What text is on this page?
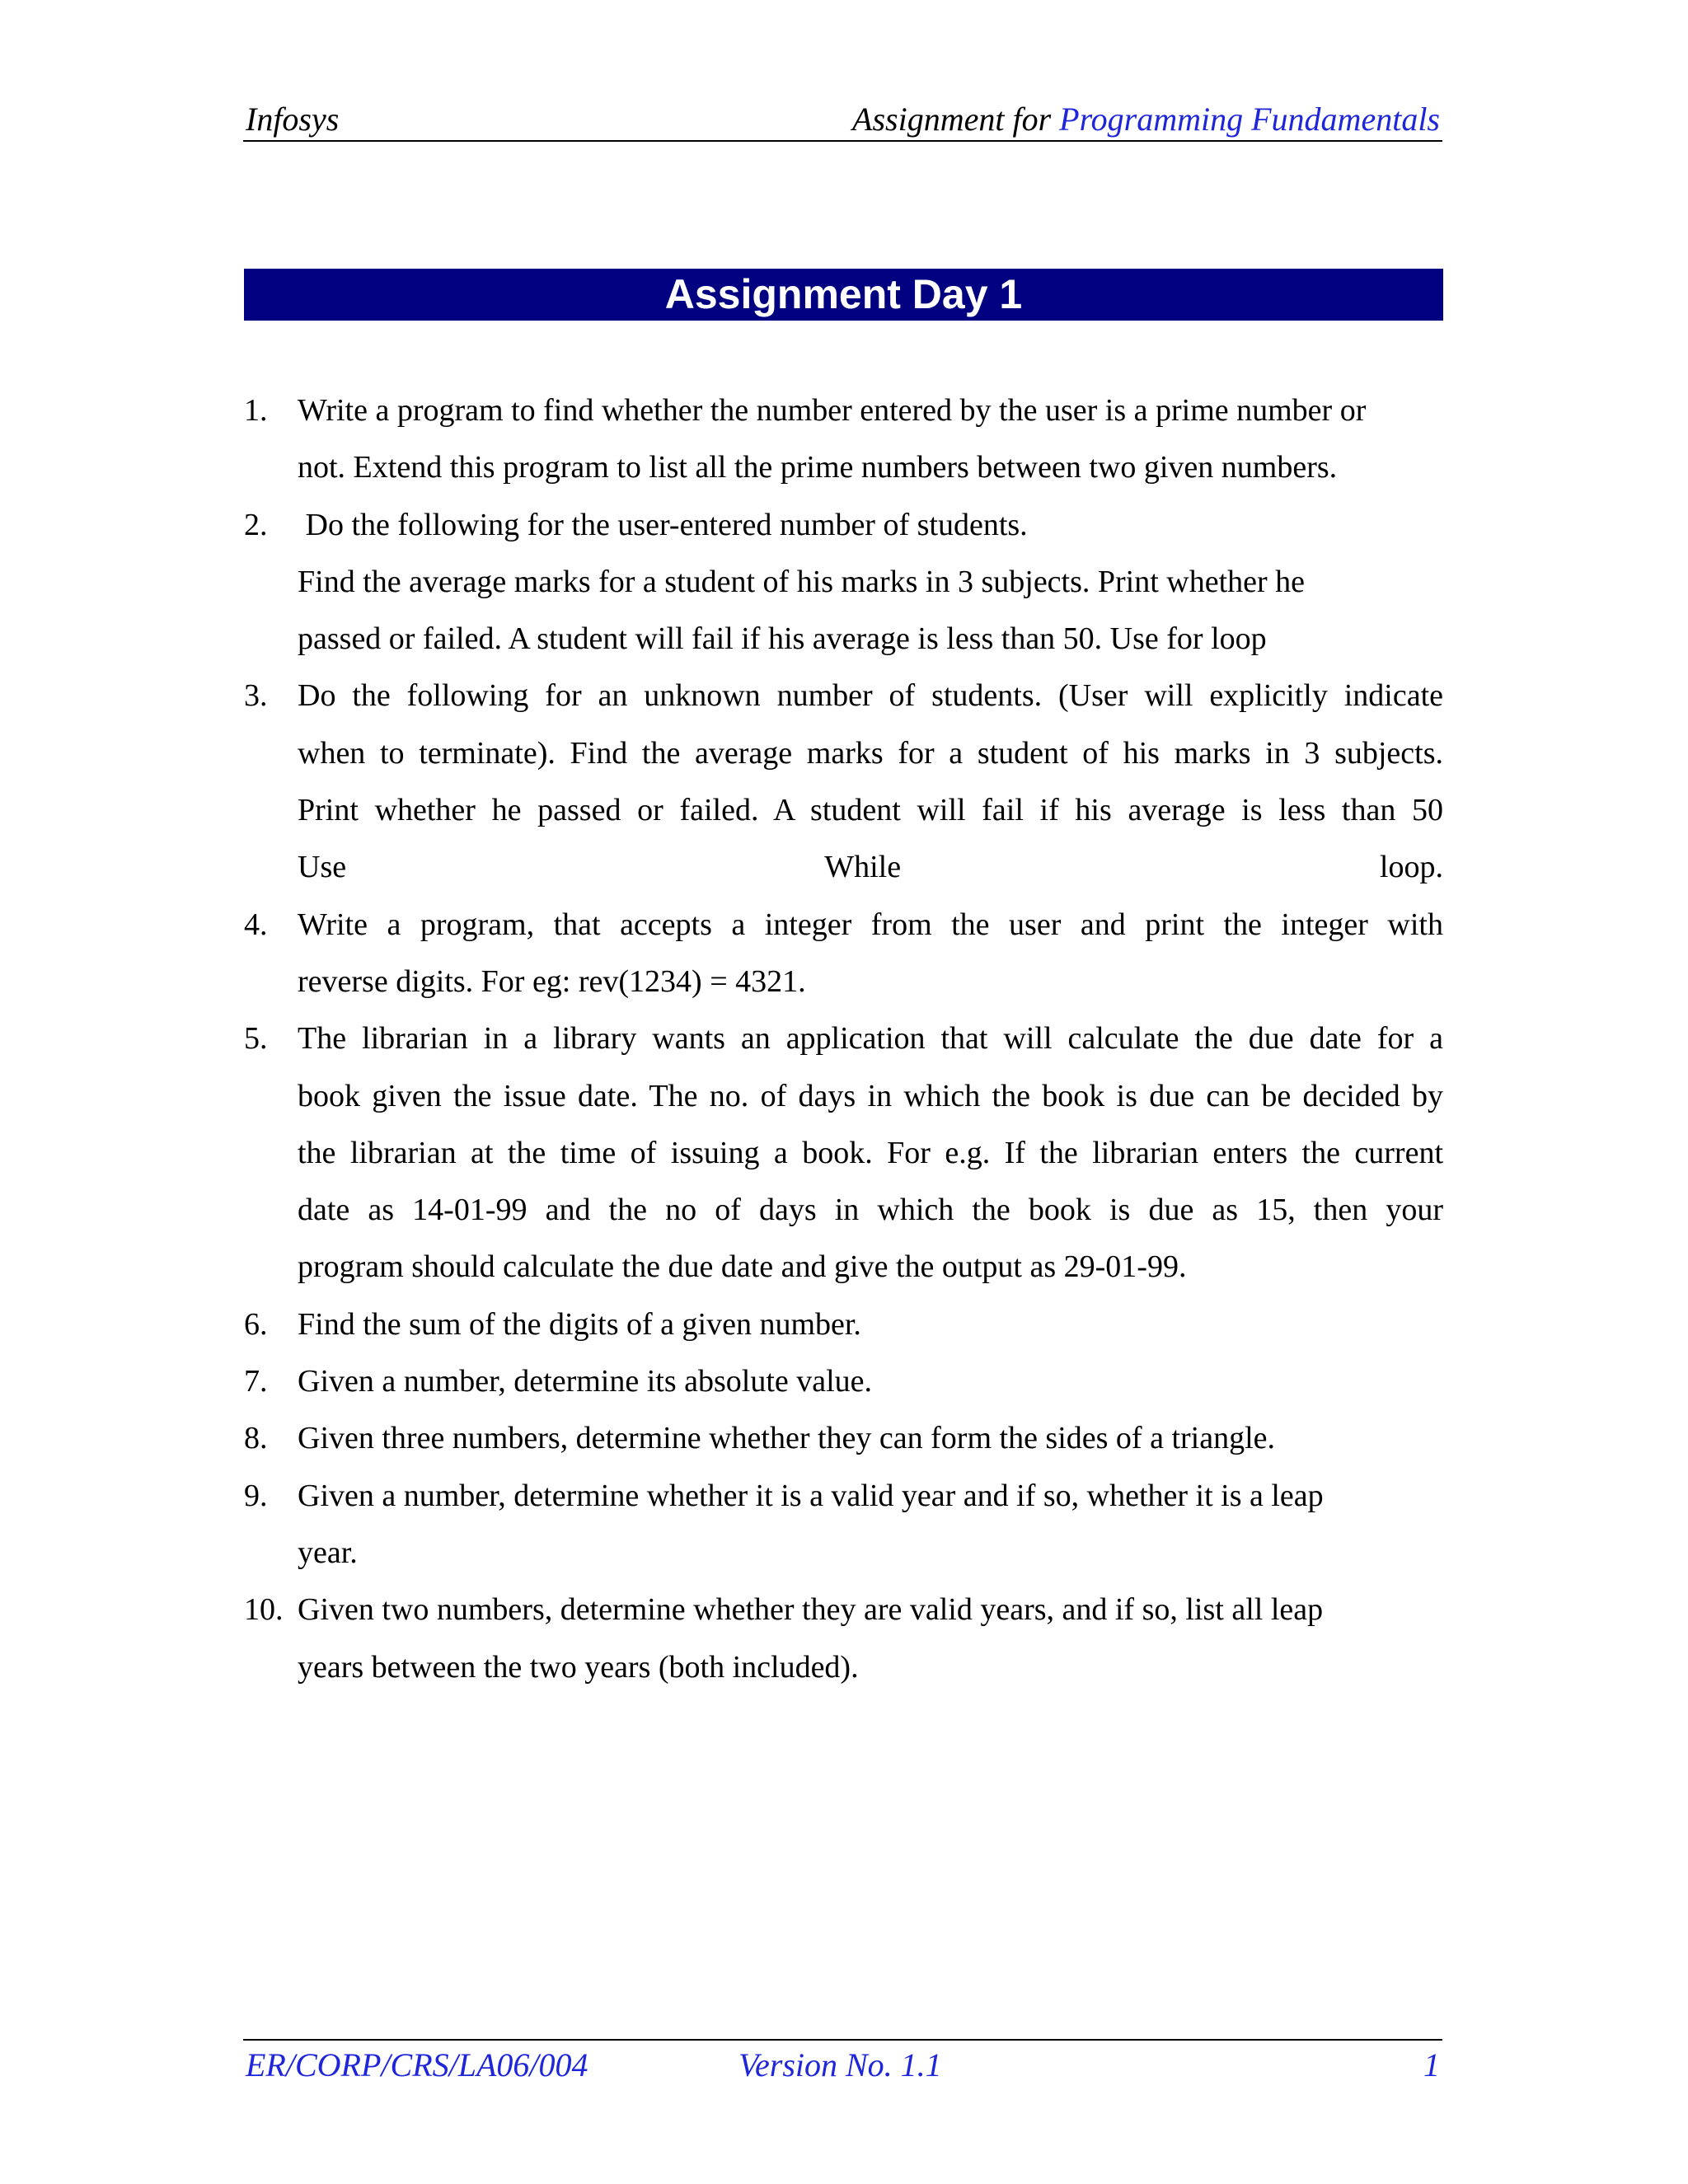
Infosys	Assignment for Programming Fundamentals
Assignment Day 1
1. Write a program to find whether the number entered by the user is a prime number or
not. Extend this program to list all the prime numbers between two given numbers.
2. Do the following for the user-entered number of students.
Find the average marks for a student of his marks in 3 subjects. Print whether he
passed or failed. A student will fail if his average is less than 50. Use for loop
3. Do the following for an unknown number of students. (User will explicitly indicate
when to terminate). Find the average marks for a student of his marks in 3 subjects.
Print whether he passed or failed. A student will fail if his average is less than 50
Use While loop.
4. Write a program, that accepts a integer from the user and print the integer with
reverse digits. For eg: rev(1234) = 4321.
5. The librarian in a library wants an application that will calculate the due date for a
book given the issue date. The no. of days in which the book is due can be decided by
the librarian at the time of issuing a book. For e.g. If the librarian enters the current
date as 14-01-99 and the no of days in which the book is due as 15, then your
program should calculate the due date and give the output as 29-01-99.
6. Find the sum of the digits of a given number.
7. Given a number, determine its absolute value.
8. Given three numbers, determine whether they can form the sides of a triangle.
9. Given a number, determine whether it is a valid year and if so, whether it is a leap
year.
10. Given two numbers, determine whether they are valid years, and if so, list all leap
years between the two years (both included).
ER/CORP/CRS/LA06/004	Version No. 1.1	1
